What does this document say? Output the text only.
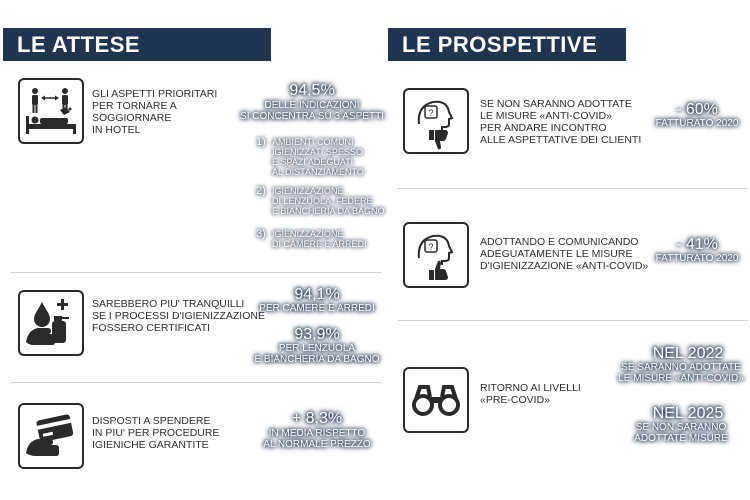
LE ATTESE	LE PROSPETTIVE
GLI ASPETTI PRIORITARI
PER TORNARE A
SOGGIORNARE
IN HOTEL
94,5%
DELLE INDICAZIONI
SI CONCENTRA SU 3 ASPETTI
1) AMBIENTI COMUNI
IGIENIZZATI SPESSO
E SPAZI ADEGUATI
AL DISTANZIAMENTO
2) IGIENIZZAZIONE
DI LENZUOLA, FEDERE
E BIANCHERIA DA BAGNO
3) IGIENIZZAZIONE
DI CAMERE E ARREDI
SAREBBERO PIU' TRANQUILLI
SE I PROCESSI D'IGIENIZZAZIONE
FOSSERO CERTIFICATI
94,1%
PER CAMERE E ARREDI
93,9%
PER LENZUOLA
E BIANCHERIA DA BAGNO
DISPOSTI A SPENDERE
IN PIU' PER PROCEDURE
IGIENICHE GARANTITE
+ 8,3%
IN MEDIA RISPETTO
AL NORMALE PREZZO
?
SE NON SARANNO ADOTTATE
LE MISURE «ANTI-COVID»
PER ANDARE INCONTRO
ALLE ASPETTATIVE DEI CLIENTI
- 60%
FATTURATO 2020
?	ADOTTANDO E COMUNICANDO
ADEGUATAMENTE LE MISURE
D'IGIENIZZAZIONE «ANTI-COVID»
- 41%
FATTURATO 2020
RITORNO AI LIVELLI
«PRE-COVID»
NEL 2022
SE SARANNO ADOTTATE
LE MISURE «ANTI-COVID»
NEL 2025
SE NON SARANNO
ADOTTATE MISURE
